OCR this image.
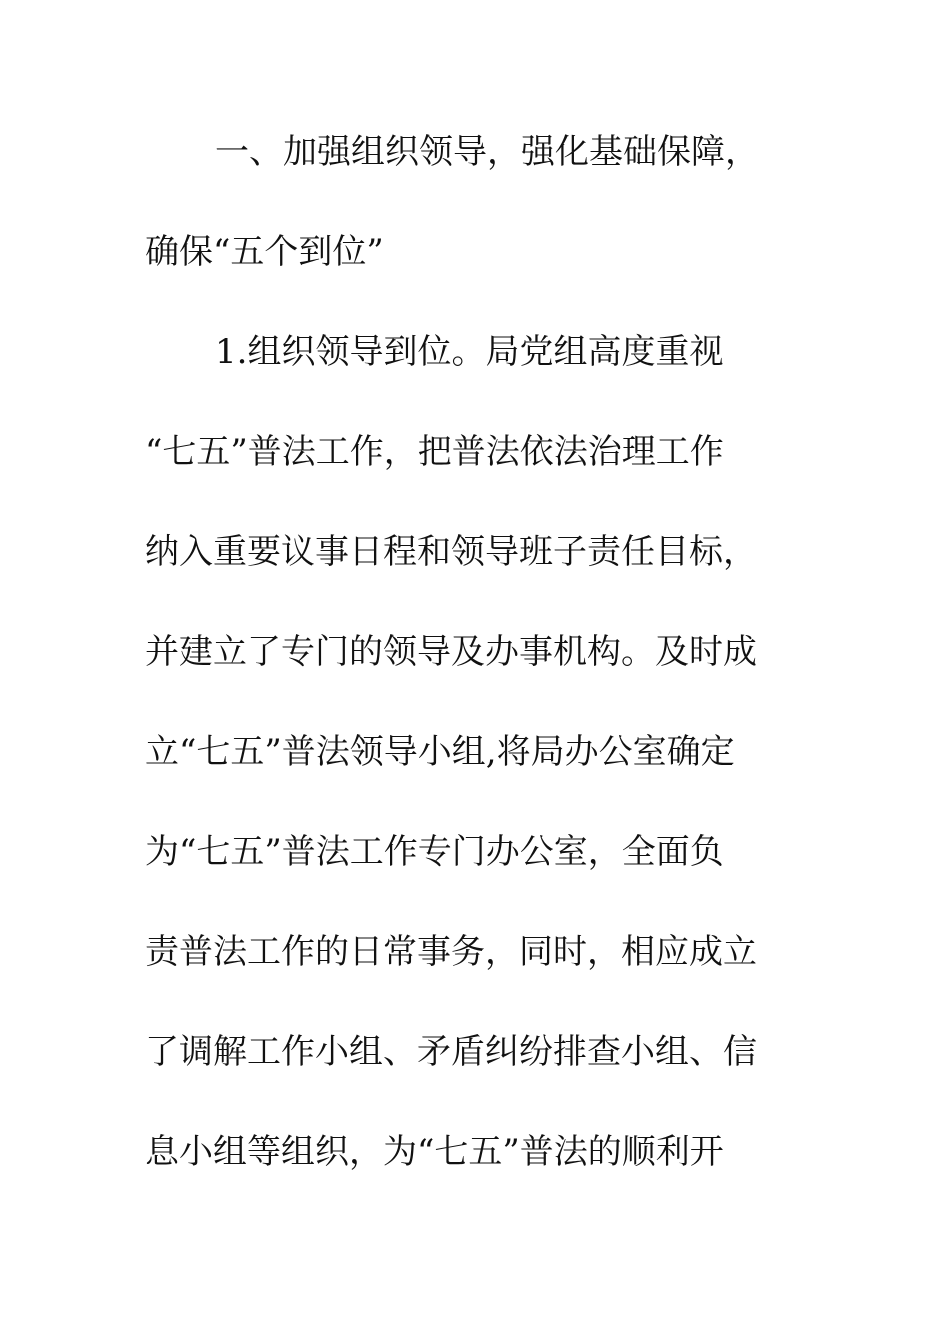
一、加强组织领导，强化基础保障，
确保“五个到位”
1.组织领导到位。局党组高度重视
“七五”普法工作，把普法依法治理工作
纳入重要议事日程和领导班子责任目标，
并建立了专门的领导及办事机构。及时成
立“七五”普法领导小组,将局办公室确定
为“七五”普法工作专门办公室，全面负
责普法工作的日常事务，同时，相应成立
了调解工作小组、矛盾纠纷排查小组、信
息小组等组织，为“七五”普法的顺利开
